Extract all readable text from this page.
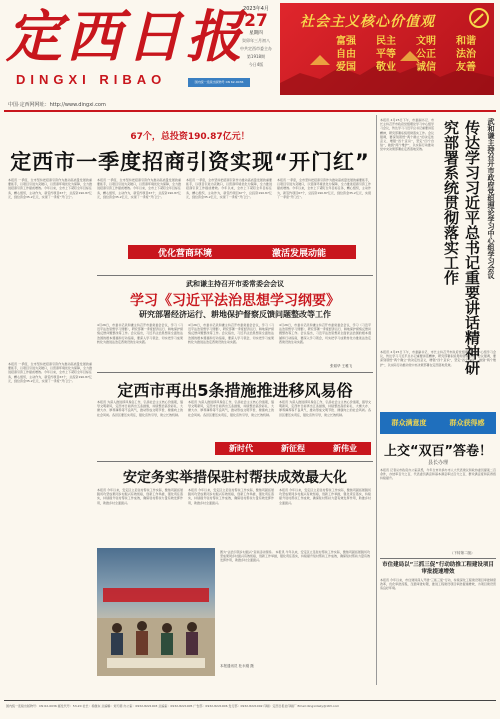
定西日报
DINGXI RIBAO
2023年4月
27
星期四
癸卯年三月初八
中共定西市委主办
第1918期
今日4版
国内统一连续出版物号 CN 62-0036
社会主义核心价值观
富强 民主 文明 和谐
自由 平等 公正 法治
爱国 敬业 诚信 友善
中国·定西网网址：http://www.dingxi.com
67个，总投资190.87亿元！
定西市一季度招商引资实现“开门红”
本报讯 一季度，全市坚持把招商引资作为推动高质量发展的重要抓手，以项目引进为突破口，以营商环境优化为保障，全力推进招商引资工作提质增效。今年以来，全市上下紧盯全年目标任务，精心组织，主动作为，新签约项目67个，总投资190.87亿元，到位资金35.2亿元，实现了一季度“开门红”。
本报讯 一季度，全市坚持把招商引资作为推动高质量发展的重要抓手，以项目引进为突破口，以营商环境优化为保障，全力推进招商引资工作提质增效。今年以来，全市上下紧盯全年目标任务，精心组织，主动作为，新签约项目67个，总投资190.87亿元，到位资金35.2亿元，实现了一季度“开门红”。
本报讯 一季度，全市坚持把招商引资作为推动高质量发展的重要抓手，以项目引进为突破口，以营商环境优化为保障，全力推进招商引资工作提质增效。今年以来，全市上下紧盯全年目标任务，精心组织，主动作为，新签约项目67个，总投资190.87亿元，到位资金35.2亿元，实现了一季度“开门红”。
本报讯 一季度，全市坚持把招商引资作为推动高质量发展的重要抓手，以项目引进为突破口，以营商环境优化为保障，全力推进招商引资工作提质增效。今年以来，全市上下紧盯全年目标任务，精心组织，主动作为，新签约项目67个，总投资190.87亿元，到位资金35.2亿元，实现了一季度“开门红”。
优化营商环境	激活发展动能
武和谦主持召开市委常委会会议
学习《习近平法治思想学习纲要》
研究部署经济运行、耕地保护督察反馈问题整改等工作
4月26日，市委书记武和谦主持召开市委常委会会议，学习《习近平法治思想学习纲要》，研究部署一季度经济运行、耕地保护督察反馈问题整改等工作。会议指出，习近平法治思想是全面依法治国的根本遵循和行动指南，要深入学习领会，切实把学习成果转化为推进法治定西建设的生动实践。
4月26日，市委书记武和谦主持召开市委常委会会议，学习《习近平法治思想学习纲要》，研究部署一季度经济运行、耕地保护督察反馈问题整改等工作。会议指出，习近平法治思想是全面依法治国的根本遵循和行动指南，要深入学习领会，切实把学习成果转化为推进法治定西建设的生动实践。
4月26日，市委书记武和谦主持召开市委常委会会议，学习《习近平法治思想学习纲要》，研究部署一季度经济运行、耕地保护督察反馈问题整改等工作。会议指出，习近平法治思想是全面依法治国的根本遵循和行动指南，要深入学习领会，切实把学习成果转化为推进法治定西建设的生动实践。
张韬华 王雅飞
本报讯 一季度，全市坚持把招商引资作为推动高质量发展的重要抓手，以项目引进为突破口，以营商环境优化为保障，全力推进招商引资工作提质增效。今年以来，全市上下紧盯全年目标任务，精心组织，主动作为，新签约项目67个，总投资190.87亿元，到位资金35.2亿元，实现了一季度“开门红”。
定西市再出5条措施推进移风易俗
本报讯 为深入推进移风易俗工作，弘扬社会主义核心价值观，倡导文明新风，定西市日前再出五条措施，持续整治高价彩礼、大操大办、厚葬薄养等不良风气，推动形成文明节俭、健康向上的社会风尚。各县区要压实责任，强化宣传引导，建立长效机制。
本报讯 为深入推进移风易俗工作，弘扬社会主义核心价值观，倡导文明新风，定西市日前再出五条措施，持续整治高价彩礼、大操大办、厚葬薄养等不良风气，推动形成文明节俭、健康向上的社会风尚。各县区要压实责任，强化宣传引导，建立长效机制。
本报讯 为深入推进移风易俗工作，弘扬社会主义核心价值观，倡导文明新风，定西市日前再出五条措施，持续整治高价彩礼、大操大办、厚葬薄养等不良风气，推动形成文明节俭、健康向上的社会风尚。各县区要压实责任，强化宣传引导，建立长效机制。
新时代	新征程	新伟业
安定务实举措保驻村帮扶成效最大化
本报讯 今年以来，安定区立足驻村帮扶工作实际，聚焦巩固拓展脱贫攻坚成果同乡村振兴有效衔接，创新工作举措，强化责任落实，持续提升驻村帮扶工作成效，确保驻村帮扶力量有效发挥作用，助推乡村全面振兴。
本报讯 今年以来，安定区立足驻村帮扶工作实际，聚焦巩固拓展脱贫攻坚成果同乡村振兴有效衔接，创新工作举措，强化责任落实，持续提升驻村帮扶工作成效，确保驻村帮扶力量有效发挥作用，助推乡村全面振兴。
本报讯 今年以来，安定区立足驻村帮扶工作实际，聚焦巩固拓展脱贫攻坚成果同乡村振兴有效衔接，创新工作举措，强化责任落实，持续提升驻村帮扶工作成效，确保驻村帮扶力量有效发挥作用，助推乡村全面振兴。
图为“法治引领乡村振兴”宣讲活动现场。 本报讯 今年以来，安定区立足驻村帮扶工作实际，聚焦巩固拓展脱贫攻坚成果同乡村振兴有效衔接，创新工作举措，强化责任落实，持续提升驻村帮扶工作成效，确保驻村帮扶力量有效发挥作用，助推乡村全面振兴。
本报通讯员 杜永刚 摄
武和谦主持召开市政府党组理论学习中心组学习会议
传达学习习近平总书记重要讲话精神研究部署系统贯彻落实工作
本报讯 4月25日下午，市委副书记、市长主持召开市政府党组理论学习中心组学习会议，传达学习习近平总书记重要讲话精神，研究部署系统贯彻落实工作。会议强调，要深刻领悟“两个确立”的决定性意义，增强“四个意识”，坚定“四个自信”，做到“两个维护”，以实际行动推动党中央决策部署在定西落地见效。
本报讯 4月25日下午，市委副书记、市长主持召开市政府党组理论学习中心组学习会议，传达学习习近平总书记重要讲话精神，研究部署系统贯彻落实工作。会议强调，要深刻领悟“两个确立”的决定性意义，增强“四个意识”，坚定“四个自信”，做到“两个维护”，以实际行动推动党中央决策部署在定西落地见效。
群众满意度	群众获得感
上交“双百”答卷！
县长办理
本报讯 记者从市政府办公室获悉，今年全市共承办市人大代表建议和政协委员提案二百余件，办结率百分之百，代表委员满意和基本满意率达百分之百，群众满意度和获得感持续提升。
（下转第二版）
市住建局以“三抓三促”行动助推工程建设项目审批提速增效
本报讯 今年以来，市住建局深入开展“三抓三促”行动，持续深化工程建设项目审批制度改革，优化审批流程，压缩审批时限，推进工程建设项目审批提速增效，为项目建设营造良好环境。
国内统一连续出版物号：CN 62-0036 邮发代号：53-20 社长：杨继东 总编辑：刘天朝 办公室：0932-8221003 总编室：0932-8221005 广告部：0932-8221006 发行部：0932-8221002 印刷：定西日报社印刷厂 Email:dingxidaily@163.com
